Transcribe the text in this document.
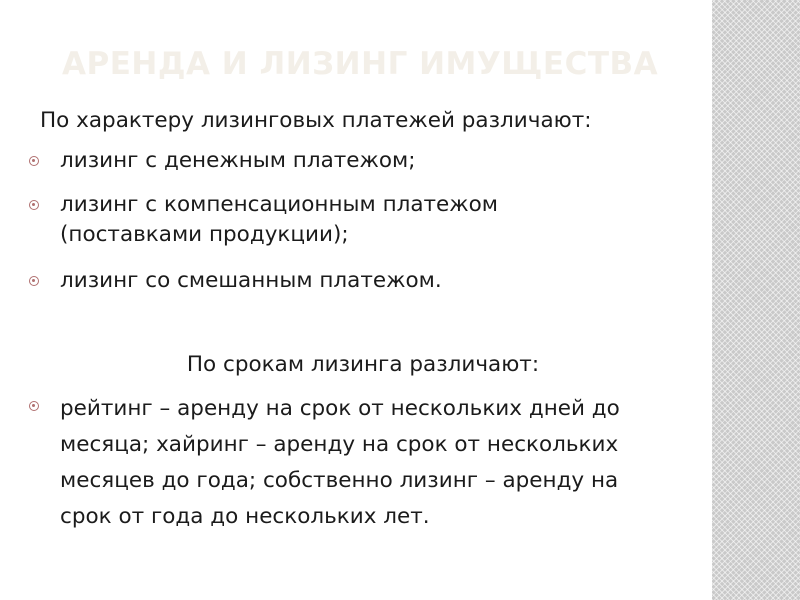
АРЕНДА И ЛИЗИНГ ИМУЩЕСТВА
По характеру лизинговых платежей различают:
лизинг с денежным платежом;
лизинг с компенсационным платежом (поставками продукции);
лизинг со смешанным платежом.
По срокам лизинга различают:
рейтинг – аренду на срок от нескольких дней до месяца; хайринг – аренду на срок от нескольких месяцев до года; собственно лизинг – аренду на срок от года до нескольких лет.
